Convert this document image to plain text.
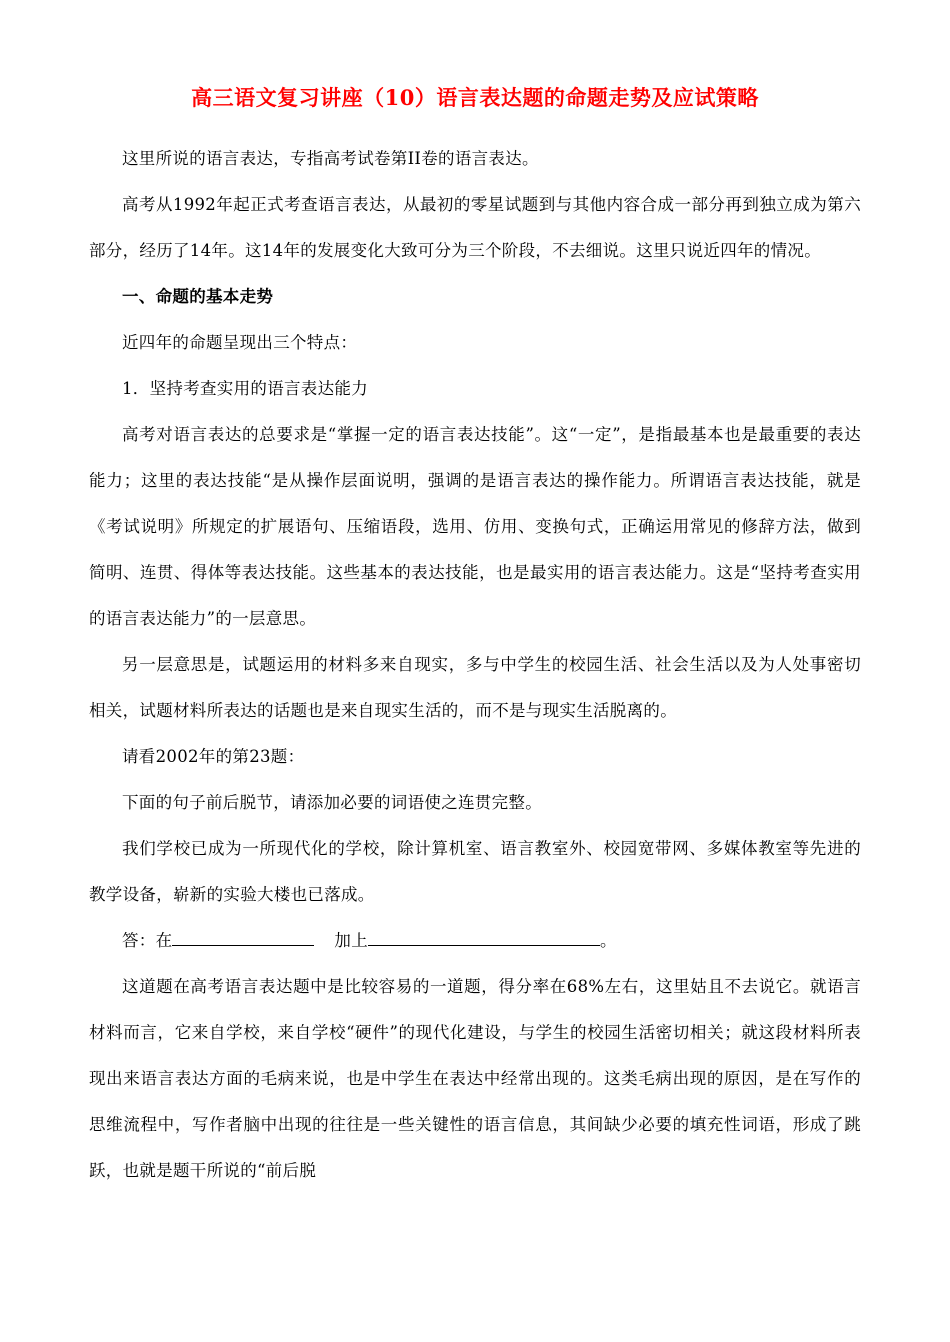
高三语文复习讲座（10）语言表达题的命题走势及应试策略

这里所说的语言表达，专指高考试卷第II卷的语言表达。

高考从1992年起正式考查语言表达，从最初的零星试题到与其他内容合成一部分再到独立成为第六部分，经历了14年。这14年的发展变化大致可分为三个阶段，不去细说。这里只说近四年的情况。

一、命题的基本走势

近四年的命题呈现出三个特点：

1．坚持考查实用的语言表达能力

高考对语言表达的总要求是“掌握一定的语言表达技能”。这“一定”，是指最基本也是最重要的表达能力；这里的表达技能“是从操作层面说明，强调的是语言表达的操作能力。所谓语言表达技能，就是《考试说明》所规定的扩展语句、压缩语段，选用、仿用、变换句式，正确运用常见的修辞方法，做到简明、连贯、得体等表达技能。这些基本的表达技能，也是最实用的语言表达能力。这是“坚持考查实用的语言表达能力”的一层意思。

另一层意思是，试题运用的材料多来自现实，多与中学生的校园生活、社会生活以及为人处事密切相关，试题材料所表达的话题也是来自现实生活的，而不是与现实生活脱离的。

请看2002年的第23题：

下面的句子前后脱节，请添加必要的词语使之连贯完整。

我们学校已成为一所现代化的学校，除计算机室、语言教室外、校园宽带网、多媒体教室等先进的教学设备，崭新的实验大楼也已落成。

答：在	加上	。

这道题在高考语言表达题中是比较容易的一道题，得分率在68%左右，这里姑且不去说它。就语言材料而言，它来自学校，来自学校“硬件”的现代化建设，与学生的校园生活密切相关；就这段材料所表现出来语言表达方面的毛病来说，也是中学生在表达中经常出现的。这类毛病出现的原因，是在写作的思维流程中，写作者脑中出现的往往是一些关键性的语言信息，其间缺少必要的填充性词语，形成了跳跃，也就是题干所说的“前后脱
